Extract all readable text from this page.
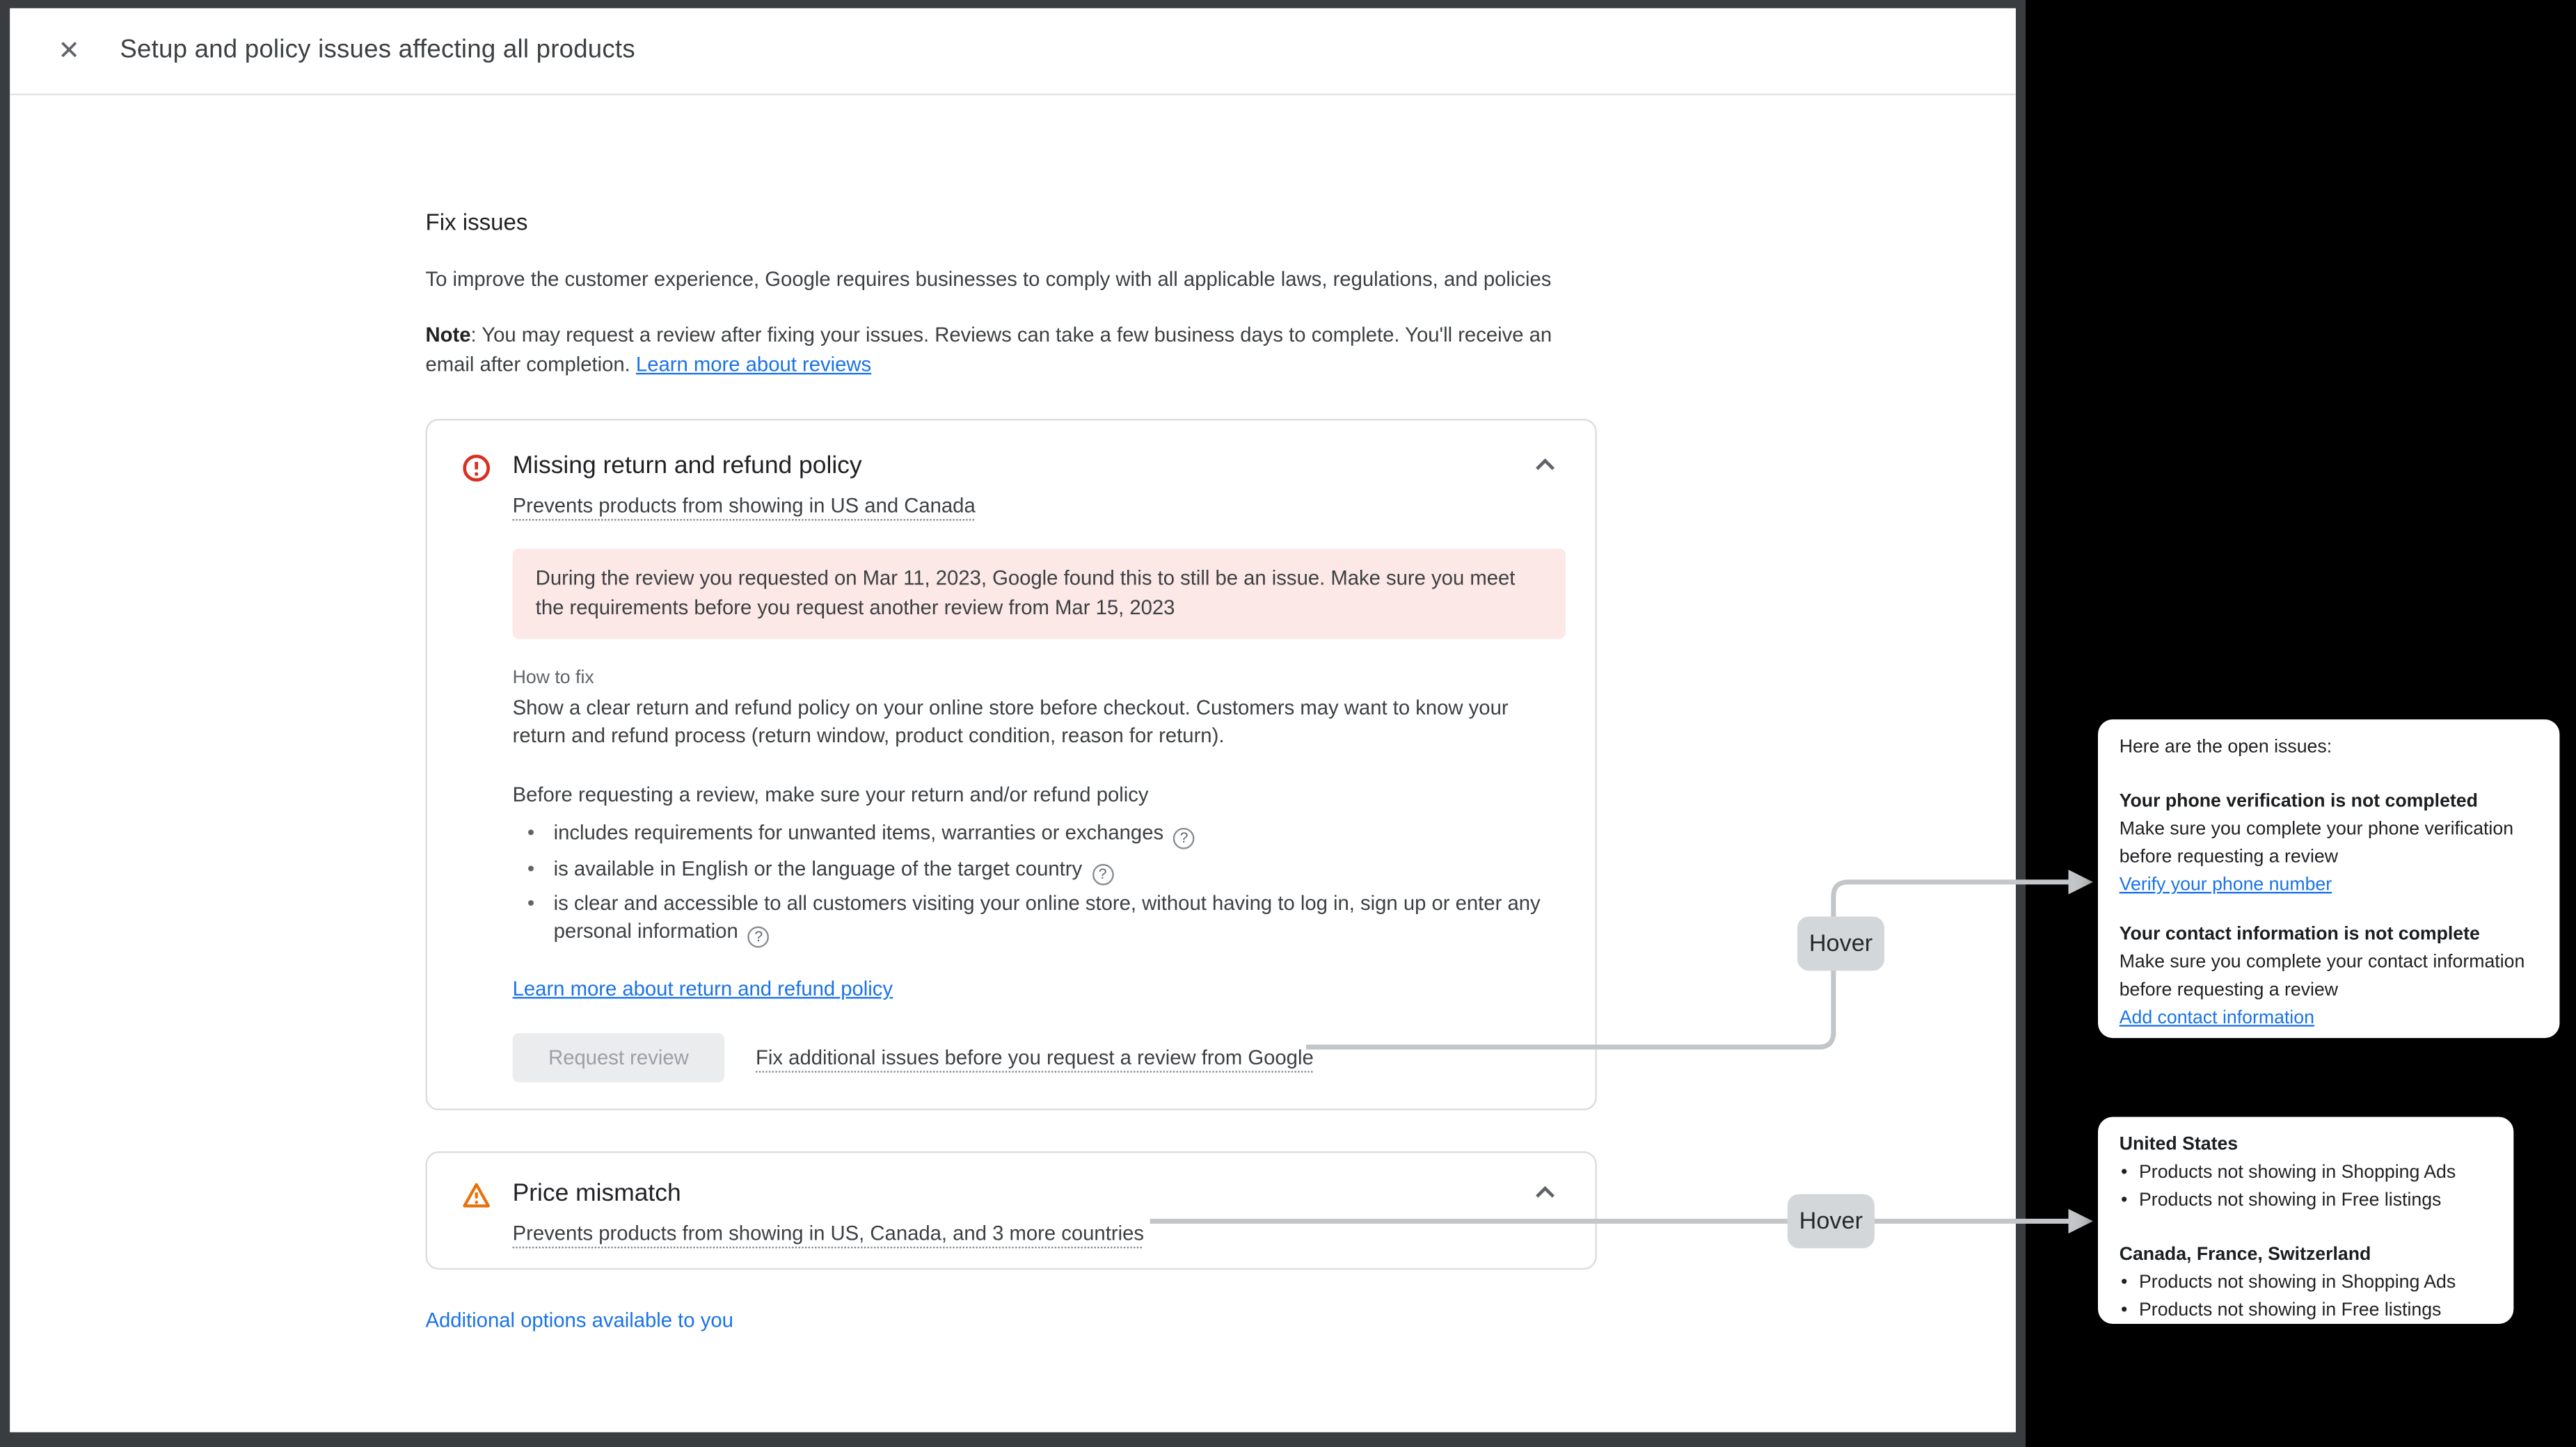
✕	Setup and policy issues affecting all products
Fix issues
To improve the customer experience, Google requires businesses to comply with all applicable laws, regulations, and policies
Note: You may request a review after fixing your issues. Reviews can take a few business days to complete. You'll receive an email after completion. Learn more about reviews
Missing return and refund policy
Prevents products from showing in US and Canada
During the review you requested on Mar 11, 2023, Google found this to still be an issue. Make sure you meet the requirements before you request another review from Mar 15, 2023
How to fix
Show a clear return and refund policy on your online store before checkout. Customers may want to know your return and refund process (return window, product condition, reason for return).
Before requesting a review, make sure your return and/or refund policy
• includes requirements for unwanted items, warranties or exchanges	?
• is available in English or the language of the target country	?
• is clear and accessible to all customers visiting your online store, without having to log in, sign up or enter any personal information	?
Learn more about return and refund policy
Request review	Fix additional issues before you request a review from Google
Price mismatch
Prevents products from showing in US, Canada, and 3 more countries
Additional options available to you
Hover
Hover
Here are the open issues:
Your phone verification is not completed
Make sure you complete your phone verification before requesting a review
Verify your phone number
Your contact information is not complete
Make sure you complete your contact information before requesting a review
Add contact information
United States
• Products not showing in Shopping Ads
• Products not showing in Free listings
Canada, France, Switzerland
• Products not showing in Shopping Ads
• Products not showing in Free listings
